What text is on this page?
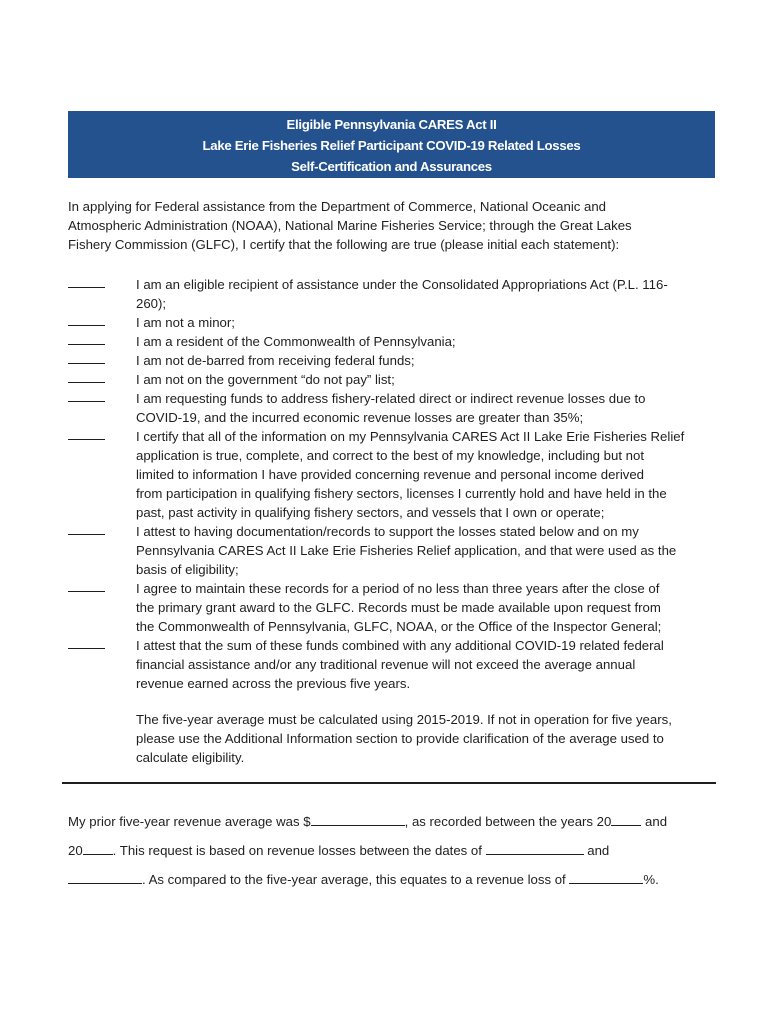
Eligible Pennsylvania CARES Act II
Lake Erie Fisheries Relief Participant COVID-19 Related Losses
Self-Certification and Assurances
In applying for Federal assistance from the Department of Commerce, National Oceanic and
Atmospheric Administration (NOAA), National Marine Fisheries Service; through the Great Lakes
Fishery Commission (GLFC), I certify that the following are true (please initial each statement):
I am an eligible recipient of assistance under the Consolidated Appropriations Act (P.L. 116-
260);
I am not a minor;
I am a resident of the Commonwealth of Pennsylvania;
I am not de-barred from receiving federal funds;
I am not on the government “do not pay” list;
I am requesting funds to address fishery-related direct or indirect revenue losses due to
COVID-19, and the incurred economic revenue losses are greater than 35%;
I certify that all of the information on my Pennsylvania CARES Act II Lake Erie Fisheries Relief
application is true, complete, and correct to the best of my knowledge, including but not
limited to information I have provided concerning revenue and personal income derived
from participation in qualifying fishery sectors, licenses I currently hold and have held in the
past, past activity in qualifying fishery sectors, and vessels that I own or operate;
I attest to having documentation/records to support the losses stated below and on my
Pennsylvania CARES Act II Lake Erie Fisheries Relief application, and that were used as the
basis of eligibility;
I agree to maintain these records for a period of no less than three years after the close of
the primary grant award to the GLFC. Records must be made available upon request from
the Commonwealth of Pennsylvania, GLFC, NOAA, or the Office of the Inspector General;
I attest that the sum of these funds combined with any additional COVID-19 related federal
financial assistance and/or any traditional revenue will not exceed the average annual
revenue earned across the previous five years.
The five-year average must be calculated using 2015-2019. If not in operation for five years,
please use the Additional Information section to provide clarification of the average used to
calculate eligibility.
My prior five-year revenue average was $	, as recorded between the years 20 and
20 . This request is based on revenue losses between the dates of	and
. As compared to the five-year average, this equates to a revenue loss of	%.
